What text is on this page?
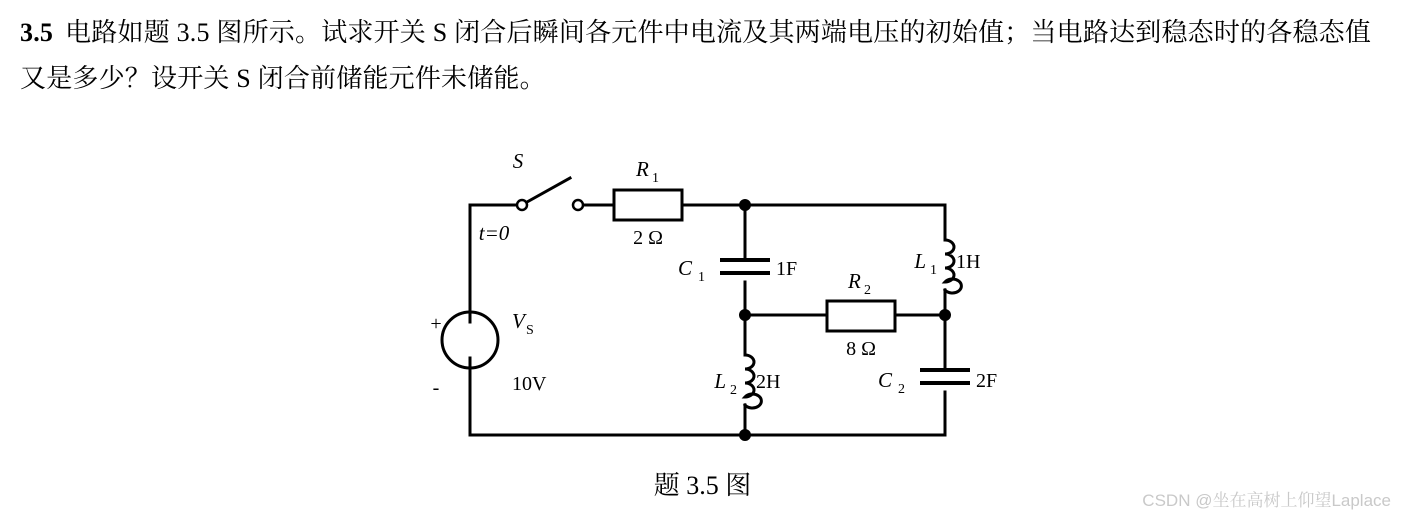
3.5 电路如题 3.5 图所示。试求开关 S 闭合后瞬间各元件中电流及其两端电压的初始值；当电路达到稳态时的各稳态值又是多少？设开关 S 闭合前储能元件未储能。
S
t=0
R 1
2 Ω
R 2
8 Ω
C 1	1F
C 2	2F
L 1 1H
L 2 2H
V S
10V
+
-
题 3.5 图
CSDN @坐在高树上仰望Laplace
